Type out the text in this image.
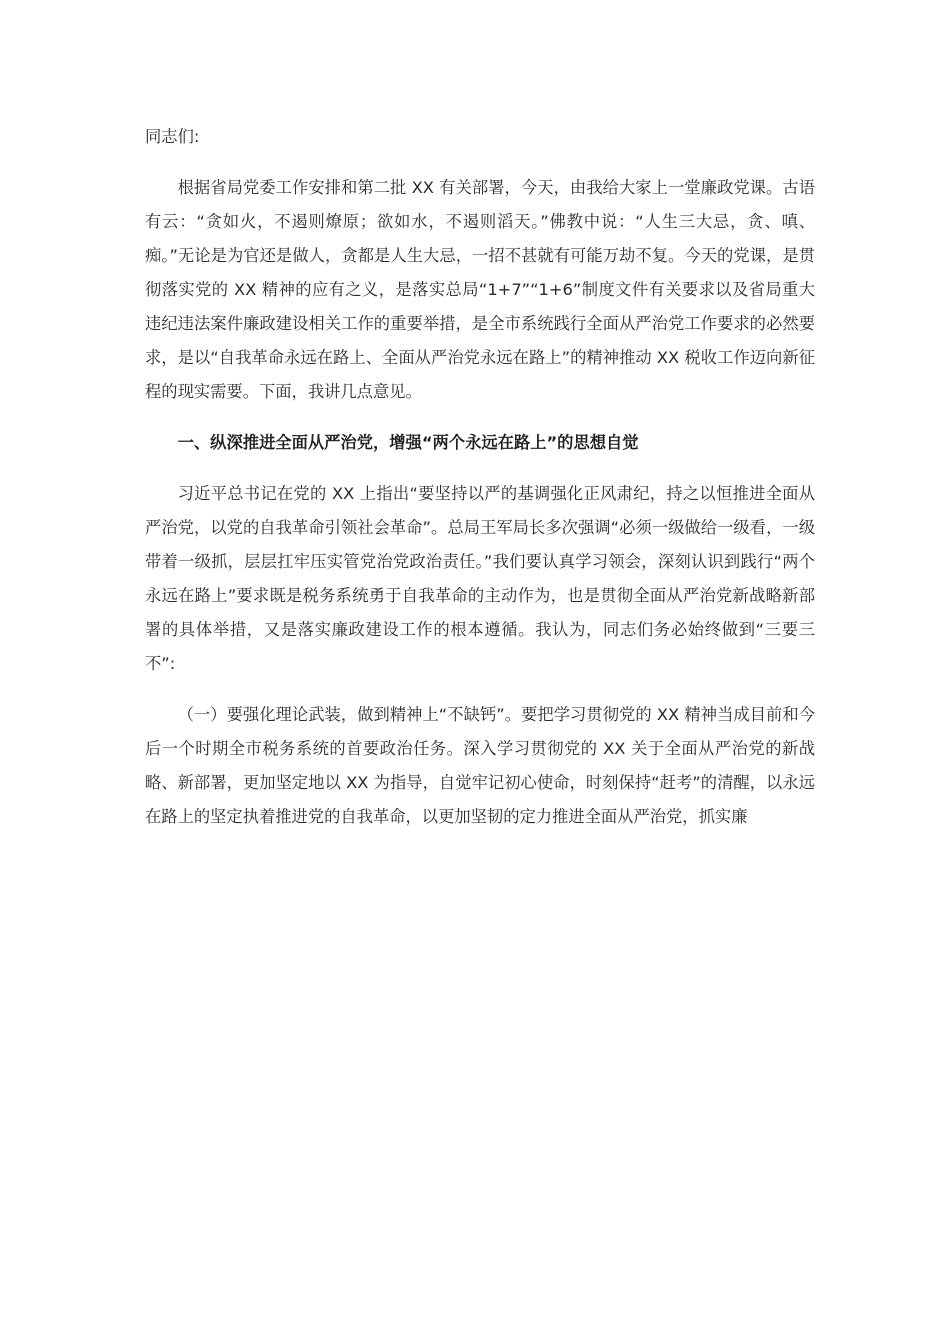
同志们:

根据省局党委工作安排和第二批 XX 有关部署，今天，由我给大家上一堂廉政党课。古语有云：“贪如火，不遏则燎原；欲如水，不遏则滔天。”佛教中说：“人生三大忌，贪、嗔、痴。”无论是为官还是做人，贪都是人生大忌，一招不甚就有可能万劫不复。今天的党课，是贯彻落实党的 XX 精神的应有之义，是落实总局“1+7”“1+6”制度文件有关要求以及省局重大违纪违法案件廉政建设相关工作的重要举措，是全市系统践行全面从严治党工作要求的必然要求，是以“自我革命永远在路上、全面从严治党永远在路上”的精神推动 XX 税收工作迈向新征程的现实需要。下面，我讲几点意见。

一、纵深推进全面从严治党，增强“两个永远在路上”的思想自觉

习近平总书记在党的 XX 上指出“要坚持以严的基调强化正风肃纪，持之以恒推进全面从严治党，以党的自我革命引领社会革命”。总局王军局长多次强调“必须一级做给一级看，一级带着一级抓，层层扛牢压实管党治党政治责任。”我们要认真学习领会，深刻认识到践行“两个永远在路上”要求既是税务系统勇于自我革命的主动作为，也是贯彻全面从严治党新战略新部署的具体举措，又是落实廉政建设工作的根本遵循。我认为，同志们务必始终做到“三要三不”:

（一）要强化理论武装，做到精神上“不缺钙”。要把学习贯彻党的 XX 精神当成目前和今后一个时期全市税务系统的首要政治任务。深入学习贯彻党的 XX 关于全面从严治党的新战略、新部署，更加坚定地以 XX 为指导，自觉牢记初心使命，时刻保持“赶考”的清醒，以永远在路上的坚定执着推进党的自我革命，以更加坚韧的定力推进全面从严治党，抓实廉
